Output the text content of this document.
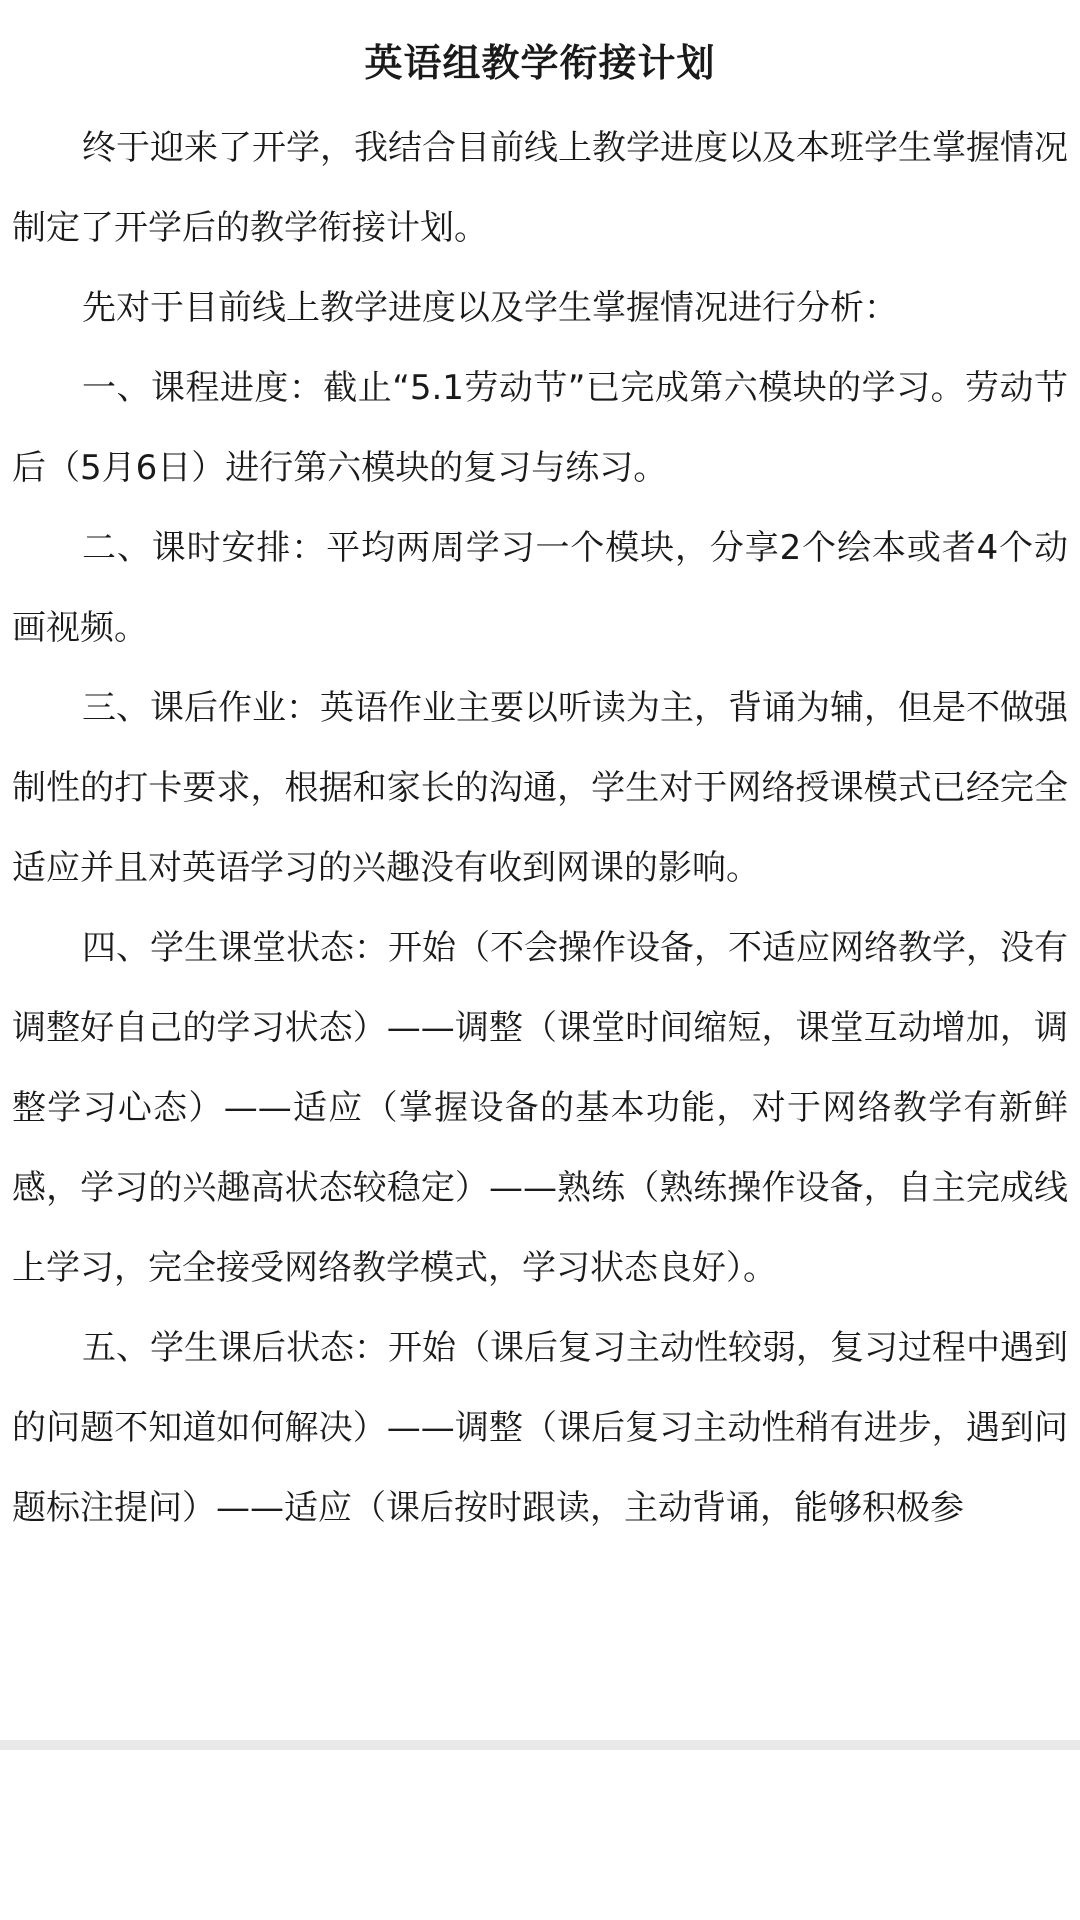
英语组教学衔接计划

终于迎来了开学，我结合目前线上教学进度以及本班学生掌握情况制定了开学后的教学衔接计划。

先对于目前线上教学进度以及学生掌握情况进行分析：

一、课程进度：截止“5.1劳动节”已完成第六模块的学习。劳动节后（5月6日）进行第六模块的复习与练习。

二、课时安排：平均两周学习一个模块，分享2个绘本或者4个动画视频。

三、课后作业：英语作业主要以听读为主，背诵为辅，但是不做强制性的打卡要求，根据和家长的沟通，学生对于网络授课模式已经完全适应并且对英语学习的兴趣没有收到网课的影响。

四、学生课堂状态：开始（不会操作设备，不适应网络教学，没有调整好自己的学习状态）——调整（课堂时间缩短，课堂互动增加，调整学习心态）——适应（掌握设备的基本功能，对于网络教学有新鲜感，学习的兴趣高状态较稳定）——熟练（熟练操作设备，自主完成线上学习，完全接受网络教学模式，学习状态良好）。

五、学生课后状态：开始（课后复习主动性较弱，复习过程中遇到的问题不知道如何解决）——调整（课后复习主动性稍有进步，遇到问题标注提问）——适应（课后按时跟读，主动背诵，能够积极参
